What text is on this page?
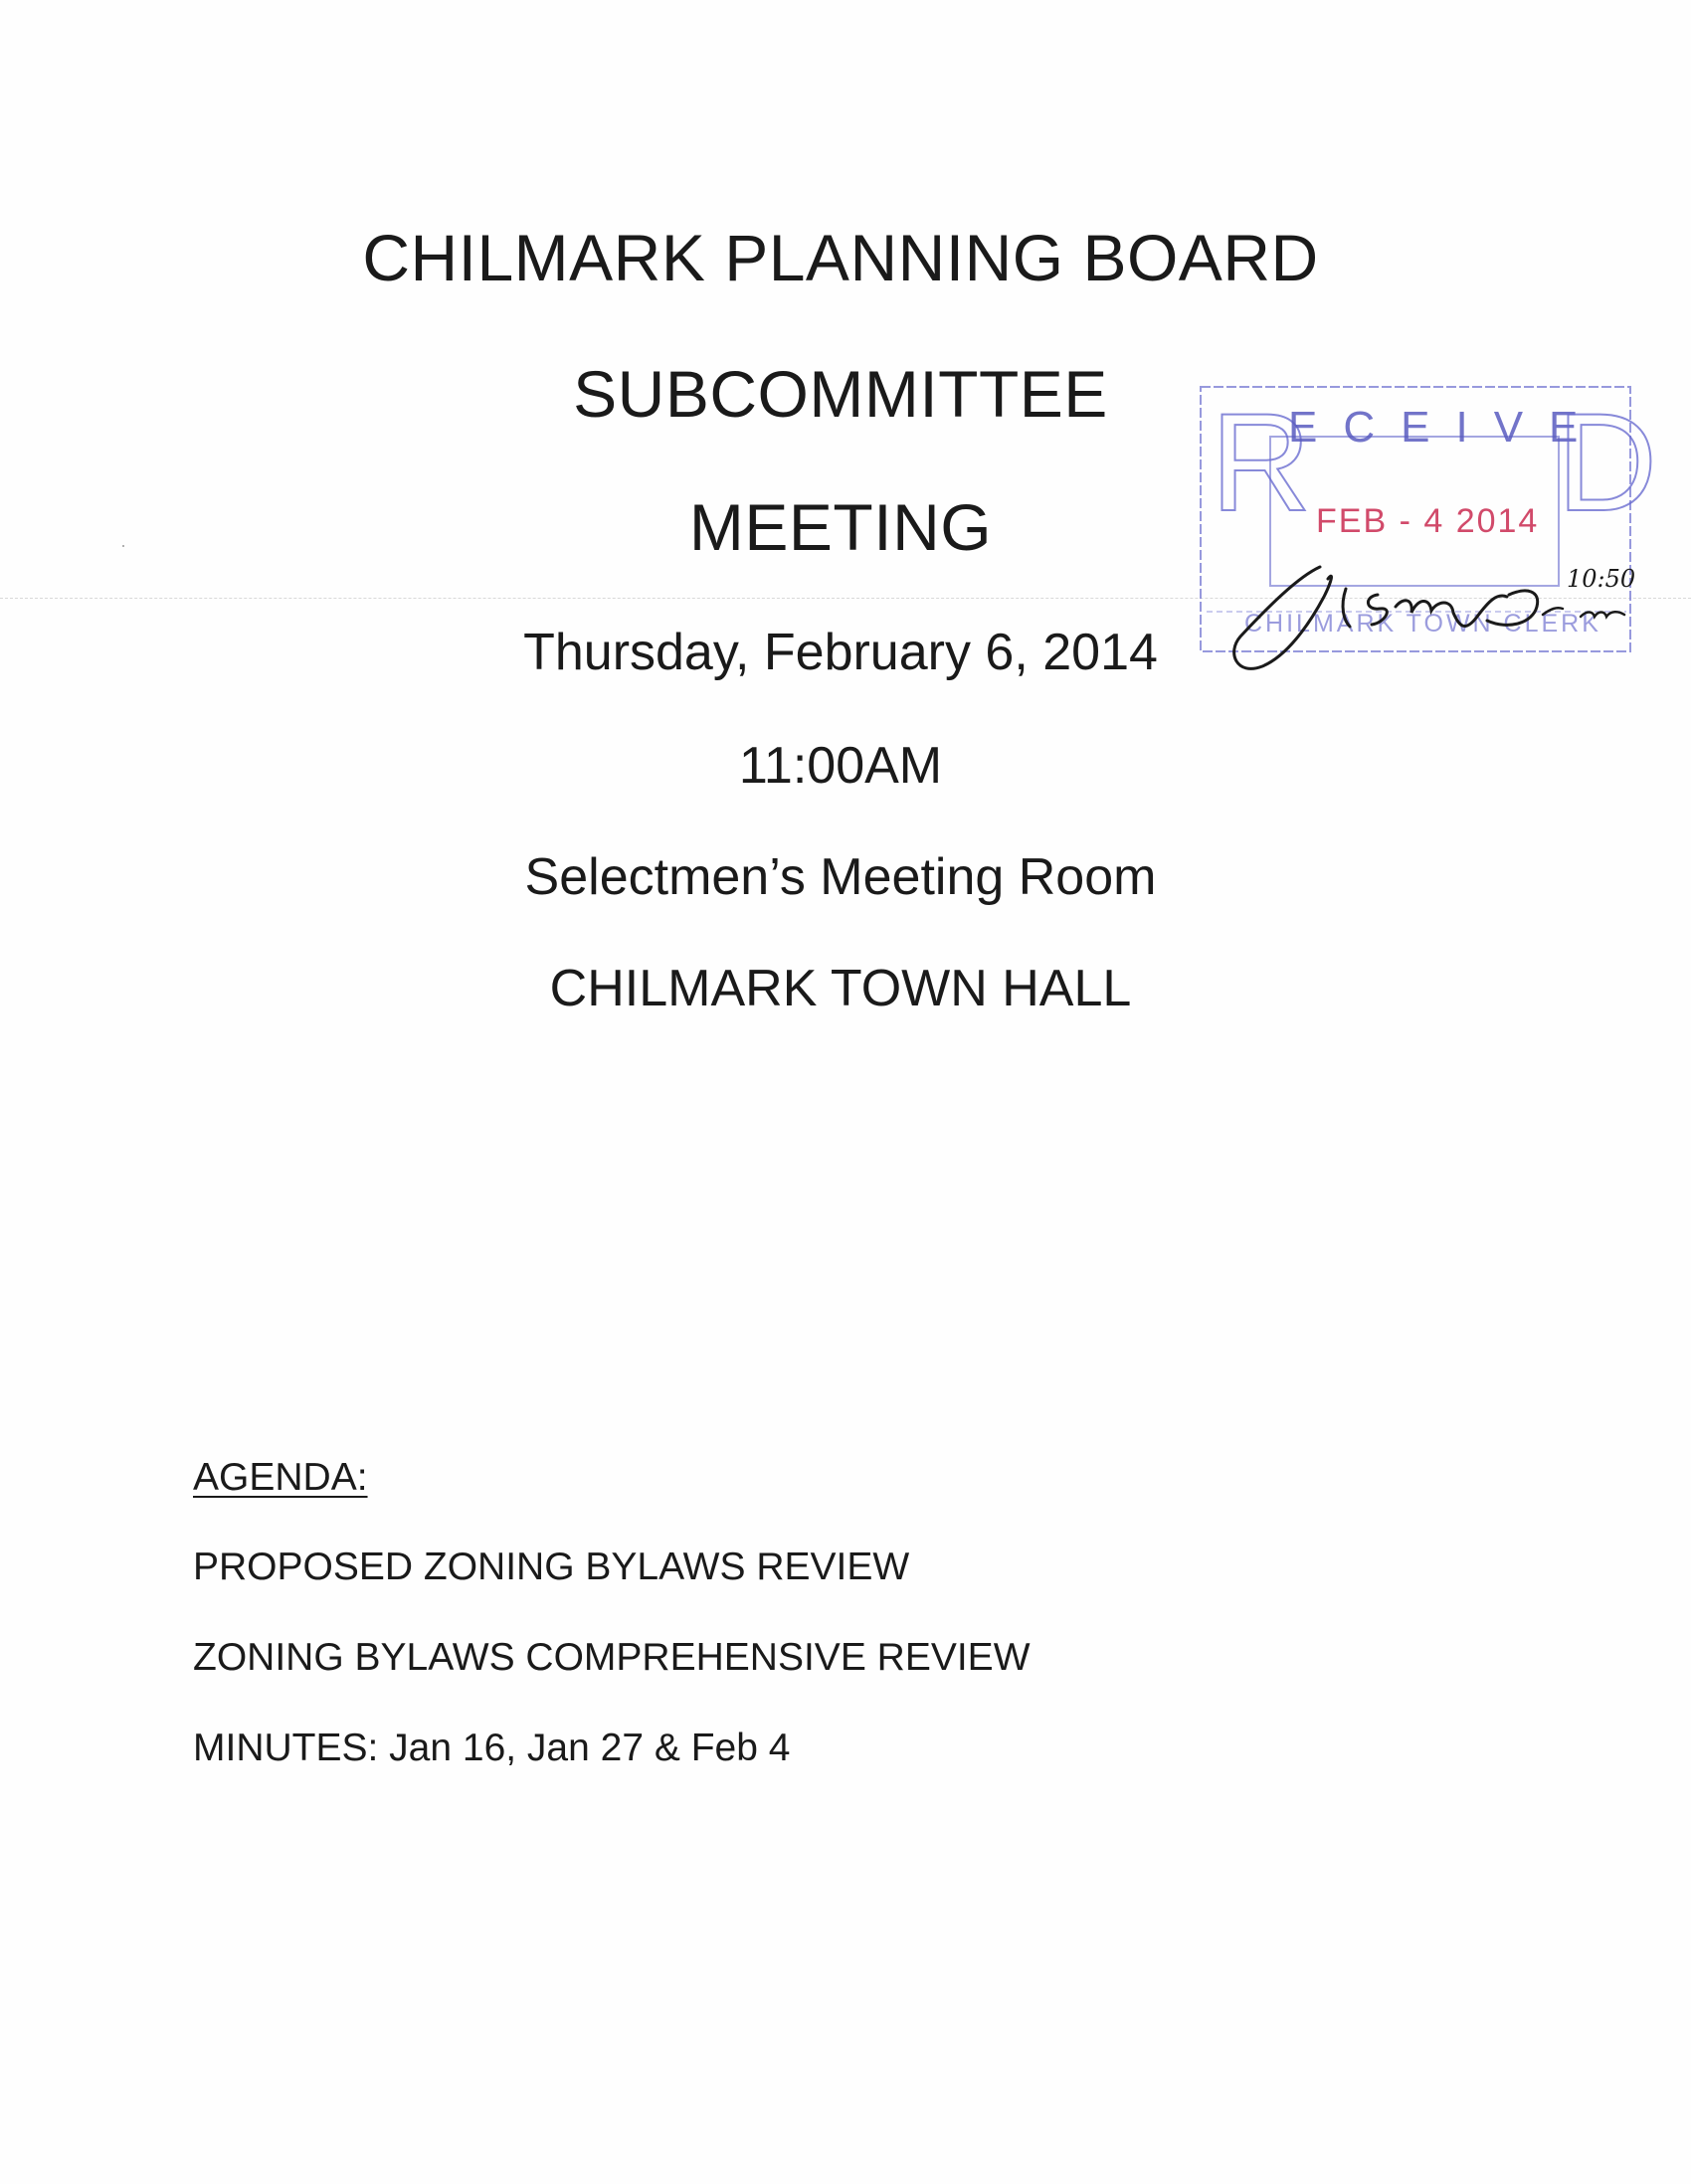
CHILMARK PLANNING BOARD
SUBCOMMITTEE
MEETING
Thursday, February 6, 2014
11:00AM
Selectmen’s Meeting Room
CHILMARK TOWN HALL
AGENDA:
PROPOSED ZONING BYLAWS REVIEW
ZONING BYLAWS COMPREHENSIVE REVIEW
MINUTES: Jan 16, Jan 27 & Feb 4
R
ECEIVE
D
FEB - 4 2014
CHILMARK TOWN CLERK
10:50
